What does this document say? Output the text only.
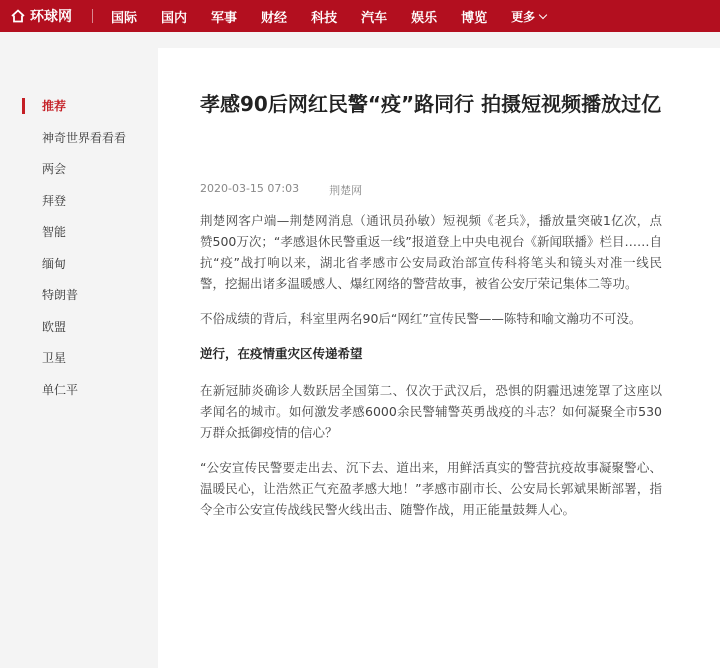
环球网	国际 国内 军事 财经 科技 汽车 娱乐 博览 更多
推荐
神奇世界看看看
两会
拜登
智能
缅甸
特朗普
欧盟
卫星
单仁平
孝感90后网红民警“疫”路同行 拍摄短视频播放过亿
2020-03-15 07:03	荆楚网

荆楚网客户端—荆楚网消息（通讯员孙敏）短视频《老兵》，播放量突破1亿次，点赞500万次；“孝感退休民警重返一线”报道登上中央电视台《新闻联播》栏目……自抗“疫”战打响以来，湖北省孝感市公安局政治部宣传科将笔头和镜头对准一线民警，挖掘出诸多温暖感人、爆红网络的警营故事，被省公安厅荣记集体二等功。

不俗成绩的背后，科室里两名90后“网红”宣传民警——陈特和喻文瀚功不可没。

逆行，在疫情重灾区传递希望

在新冠肺炎确诊人数跃居全国第二、仅次于武汉后，恐惧的阴霾迅速笼罩了这座以孝闻名的城市。如何激发孝感6000余民警辅警英勇战疫的斗志？如何凝聚全市530万群众抵御疫情的信心？

“公安宣传民警要走出去、沉下去、道出来，用鲜活真实的警营抗疫故事凝聚警心、温暖民心，让浩然正气充盈孝感大地！”孝感市副市长、公安局长郭斌果断部署，指令全市公安宣传战线民警火线出击、随警作战，用正能量鼓舞人心。
